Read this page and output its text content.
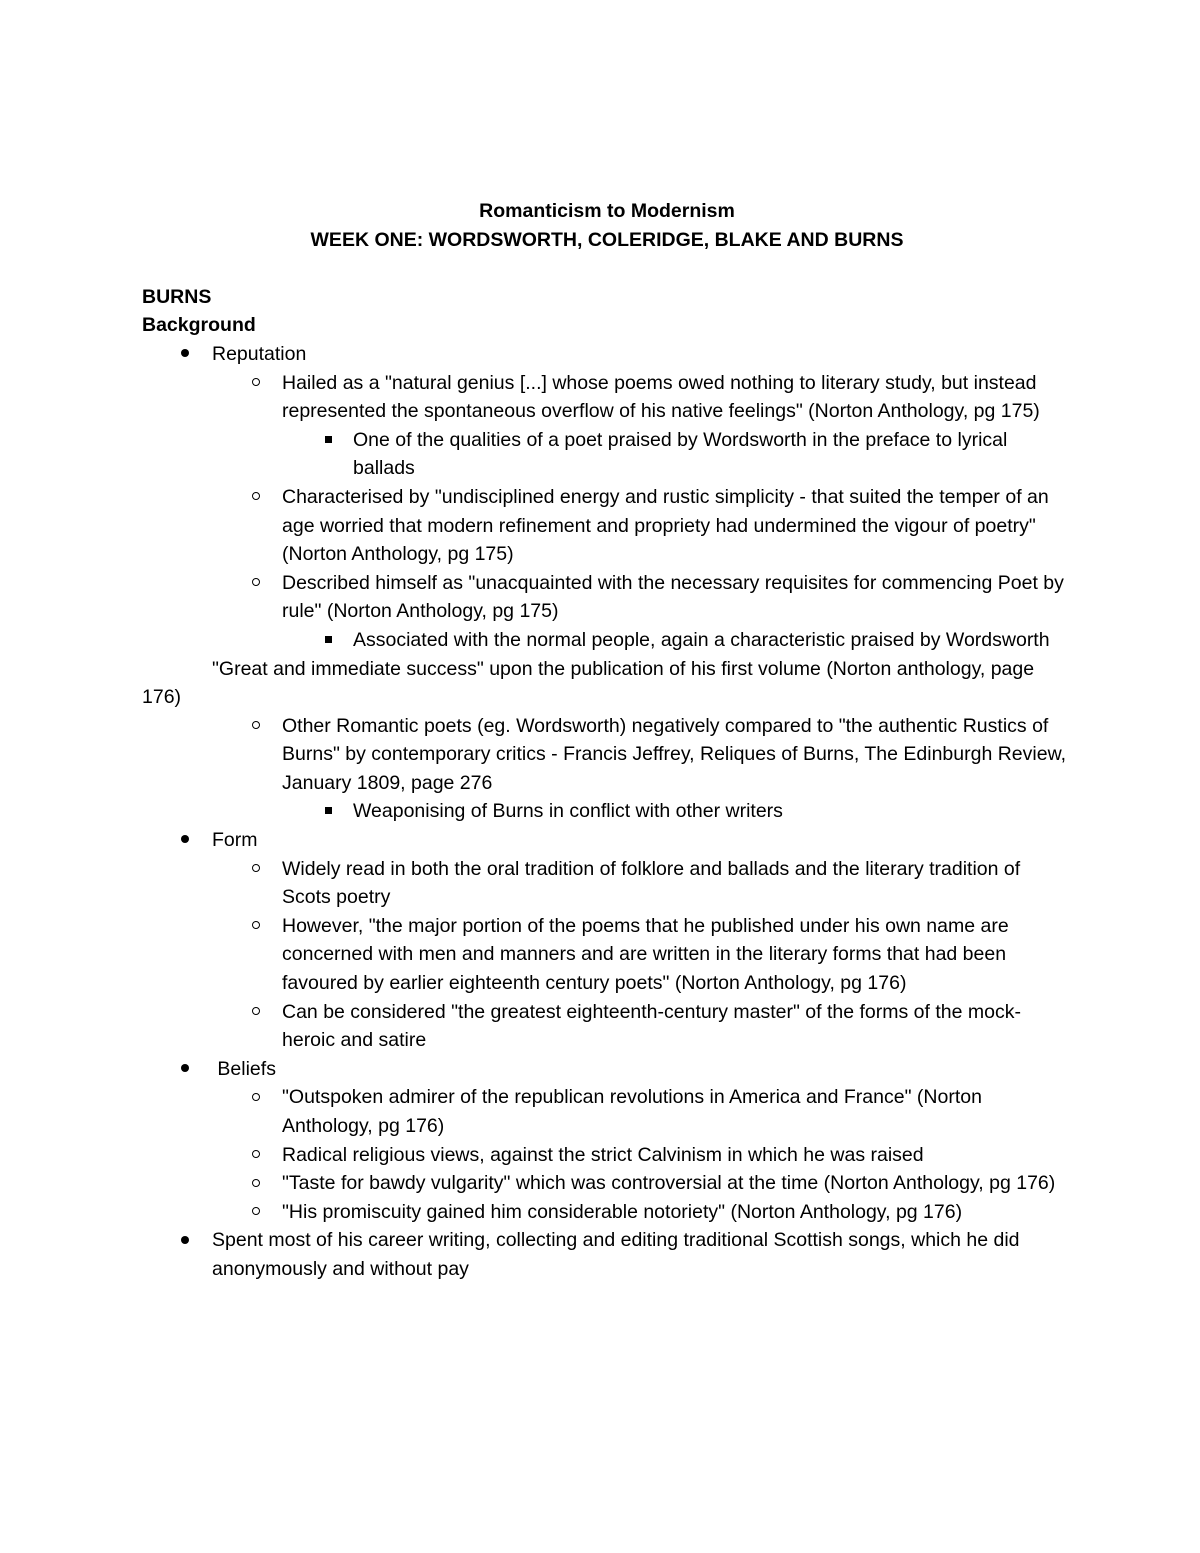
Romanticism to Modernism

WEEK ONE: WORDSWORTH, COLERIDGE, BLAKE AND BURNS

BURNS

Background

Reputation
Hailed as a "natural genius [...] whose poems owed nothing to literary study, but instead represented the spontaneous overflow of his native feelings" (Norton Anthology, pg 175)
One of the qualities of a poet praised by Wordsworth in the preface to lyrical ballads
Characterised by "undisciplined energy and rustic simplicity - that suited the temper of an age worried that modern refinement and propriety had undermined the vigour of poetry" (Norton Anthology, pg 175)
Described himself as "unacquainted with the necessary requisites for commencing Poet by rule" (Norton Anthology, pg 175)
Associated with the normal people, again a characteristic praised by Wordsworth

"Great and immediate success" upon the publication of his first volume (Norton anthology, page 176)

Other Romantic poets (eg. Wordsworth) negatively compared to "the authentic Rustics of Burns" by contemporary critics - Francis Jeffrey, Reliques of Burns, The Edinburgh Review, January 1809, page 276
Weaponising of Burns in conflict with other writers
Form
Widely read in both the oral tradition of folklore and ballads and the literary tradition of Scots poetry
However, "the major portion of the poems that he published under his own name are concerned with men and manners and are written in the literary forms that had been favoured by earlier eighteenth century poets" (Norton Anthology, pg 176)
Can be considered "the greatest eighteenth-century master" of the forms of the mock-heroic and satire
Beliefs
"Outspoken admirer of the republican revolutions in America and France" (Norton Anthology, pg 176)
Radical religious views, against the strict Calvinism in which he was raised
"Taste for bawdy vulgarity" which was controversial at the time (Norton Anthology, pg 176)
"His promiscuity gained him considerable notoriety" (Norton Anthology, pg 176)
Spent most of his career writing, collecting and editing traditional Scottish songs, which he did anonymously and without pay
